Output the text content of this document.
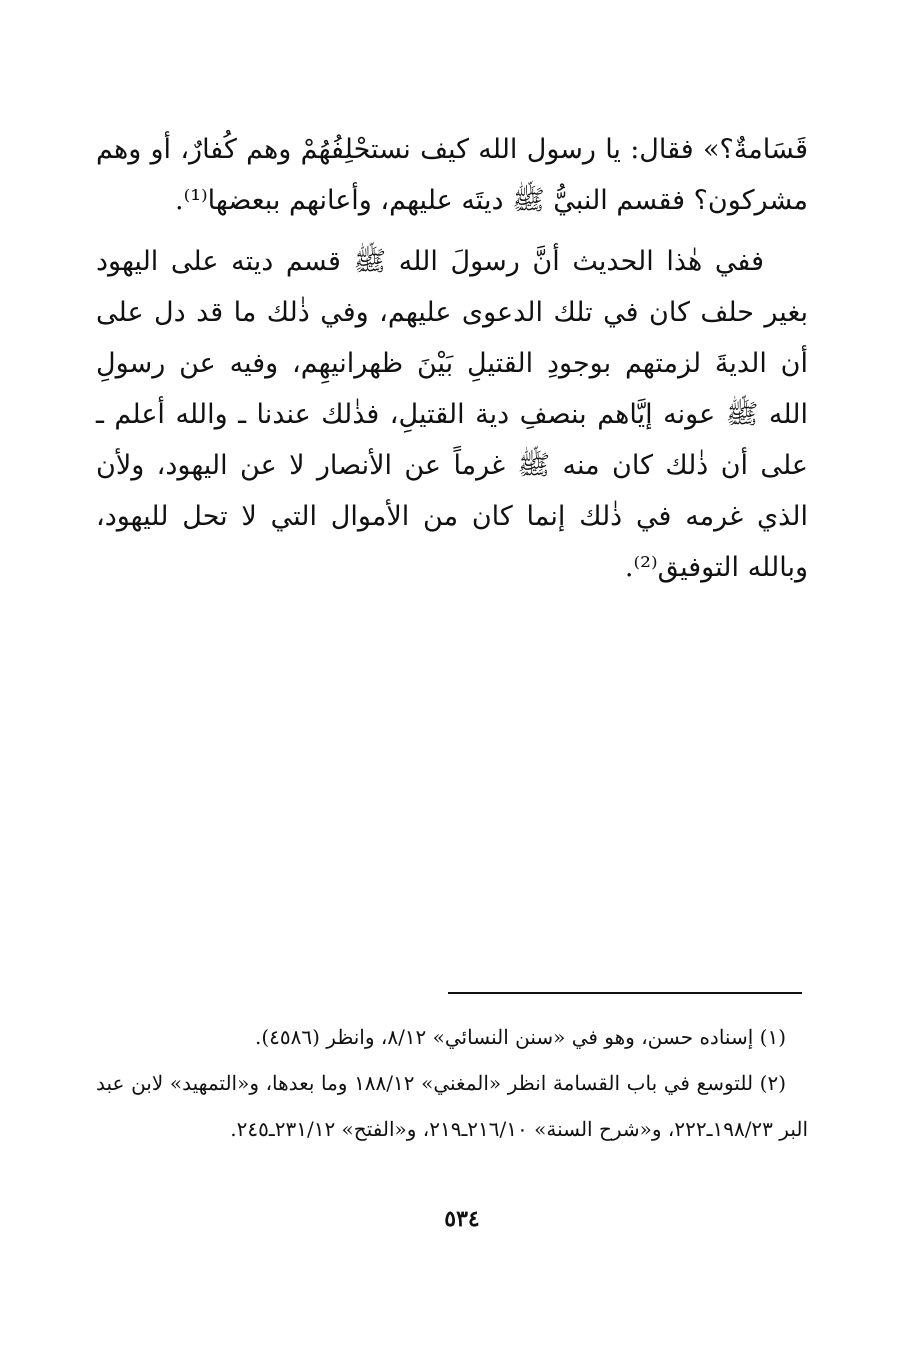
قَسَامةٌ؟» فقال: يا رسول الله كيف نستحْلِفُهُمْ وهم كُفارٌ، أو وهم مشركون؟ فقسم النبيُّ ﷺ ديتَه عليهم، وأعانهم ببعضها⁽¹⁾.

ففي هٰذا الحديث أنَّ رسولَ الله ﷺ قسم ديته على اليهود بغير حلف كان في تلك الدعوى عليهم، وفي ذٰلك ما قد دل على أن الديةَ لزمتهم بوجودِ القتيلِ بَيْنَ ظهرانيهِم، وفيه عن رسولِ الله ﷺ عونه إيَّاهم بنصفِ دية القتيلِ، فذٰلك عندنا ـ والله أعلم ـ على أن ذٰلك كان منه ﷺ غرماً عن الأنصار لا عن اليهود، ولأن الذي غرمه في ذٰلك إنما كان من الأموال التي لا تحل لليهود، وبالله التوفيق⁽²⁾.

(١) إسناده حسن، وهو في «سنن النسائي» ٨/١٢، وانظر (٤٥٨٦).

(٢) للتوسع في باب القسامة انظر «المغني» ١٨٨/١٢ وما بعدها، و«التمهيد» لابن عبد البر ١٩٨/٢٣ـ٢٢٢، و«شرح السنة» ٢١٦/١٠ـ٢١٩، و«الفتح» ٢٣١/١٢ـ٢٤٥.

٥٣٤
